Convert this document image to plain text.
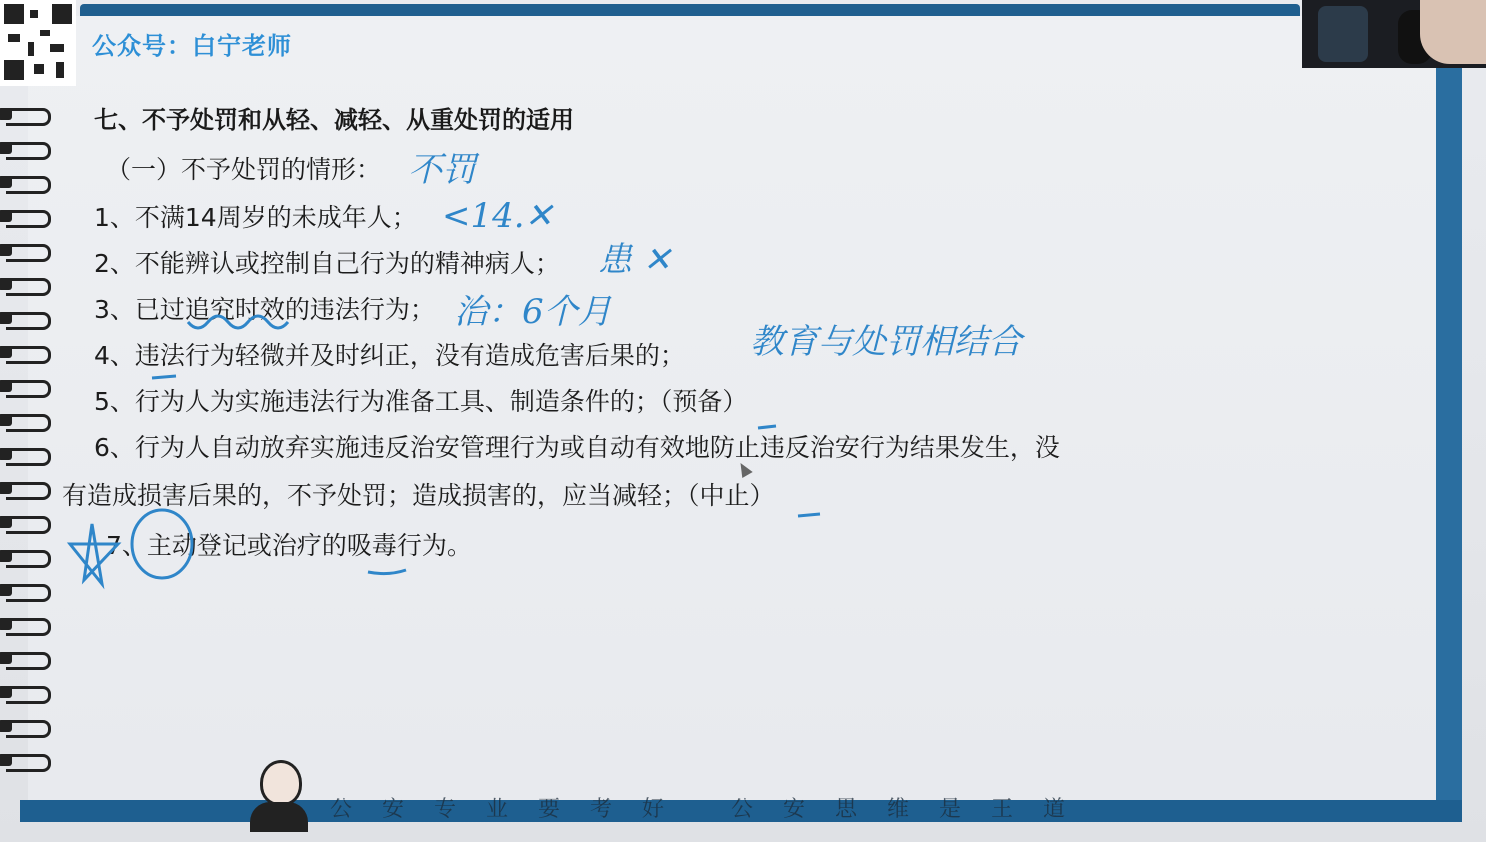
公众号：白宁老师
七、不予处罚和从轻、减轻、从重处罚的适用
（一）不予处罚的情形：
1、不满14周岁的未成年人；
2、不能辨认或控制自己行为的精神病人；
3、已过追究时效的违法行为；
4、违法行为轻微并及时纠正，没有造成危害后果的；
5、行为人为实施违法行为准备工具、制造条件的；（预备）
6、行为人自动放弃实施违反治安管理行为或自动有效地防止违反治安行为结果发生，没
有造成损害后果的，不予处罚；造成损害的，应当减轻；（中止）
7、主动登记或治疗的吸毒行为。
不罚
<14.✕
患 ✕
治：6个月
教育与处罚相结合
公安专业要考好 公安思维是王道
